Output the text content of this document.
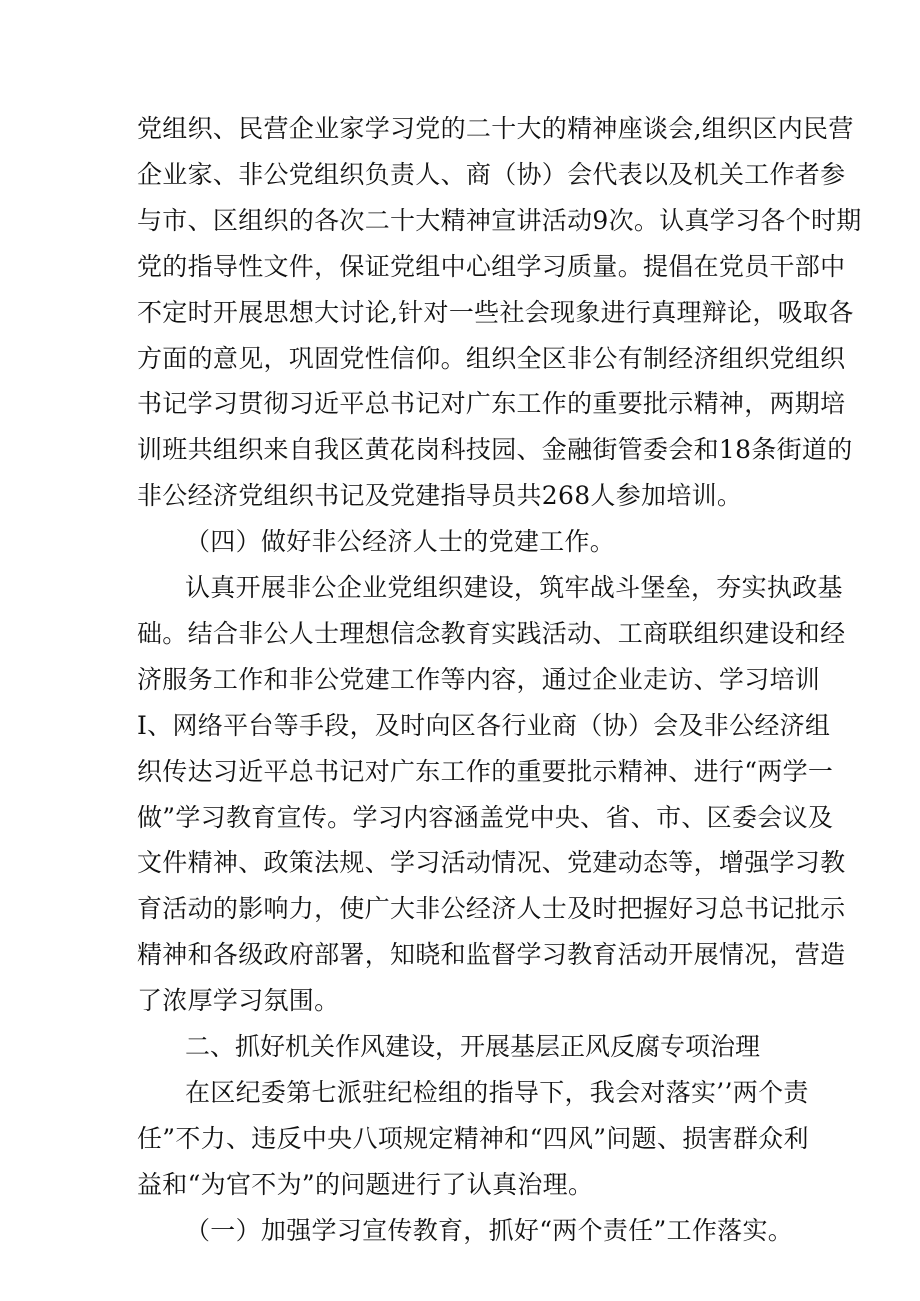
党组织、民营企业家学习党的二十大的精神座谈会,组织区内民营
企业家、非公党组织负责人、商（协）会代表以及机关工作者参
与市、区组织的各次二十大精神宣讲活动9次。认真学习各个时期
党的指导性文件，保证党组中心组学习质量。提倡在党员干部中
不定时开展思想大讨论,针对一些社会现象进行真理辩论，吸取各
方面的意见，巩固党性信仰。组织全区非公有制经济组织党组织
书记学习贯彻习近平总书记对广东工作的重要批示精神，两期培
训班共组织来自我区黄花岗科技园、金融街管委会和18条街道的
非公经济党组织书记及党建指导员共268人参加培训。
（四）做好非公经济人士的党建工作。
认真开展非公企业党组织建设，筑牢战斗堡垒，夯实执政基
础。结合非公人士理想信念教育实践活动、工商联组织建设和经
济服务工作和非公党建工作等内容，通过企业走访、学习培训
I、网络平台等手段，及时向区各行业商（协）会及非公经济组
织传达习近平总书记对广东工作的重要批示精神、进行“两学一
做”学习教育宣传。学习内容涵盖党中央、省、市、区委会议及
文件精神、政策法规、学习活动情况、党建动态等，增强学习教
育活动的影响力，使广大非公经济人士及时把握好习总书记批示
精神和各级政府部署，知晓和监督学习教育活动开展情况，营造
了浓厚学习氛围。
二、抓好机关作风建设，开展基层正风反腐专项治理
在区纪委第七派驻纪检组的指导下，我会对落实’’两个责
任”不力、违反中央八项规定精神和“四风”问题、损害群众利
益和“为官不为”的问题进行了认真治理。
（一）加强学习宣传教育，抓好“两个责任”工作落实。
